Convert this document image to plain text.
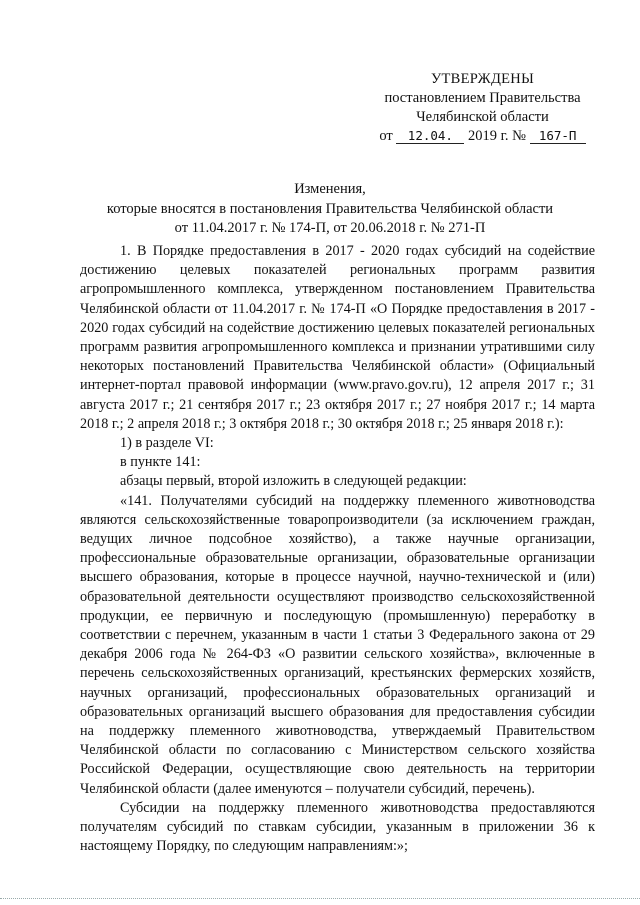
УТВЕРЖДЕНЫ
постановлением Правительства
Челябинской области
от 12.04. 2019 г. № 167-П
Изменения,
которые вносятся в постановления Правительства Челябинской области
от 11.04.2017 г. № 174-П, от 20.06.2018 г. № 271-П

1. В Порядке предоставления в 2017 - 2020 годах субсидий на содействие достижению целевых показателей региональных программ развития агропромышленного комплекса, утвержденном постановлением Правительства Челябинской области от 11.04.2017 г. № 174-П «О Порядке предоставления в 2017 - 2020 годах субсидий на содействие достижению целевых показателей региональных программ развития агропромышленного комплекса и признании утратившими силу некоторых постановлений Правительства Челябинской области» (Официальный интернет-портал правовой информации (www.pravo.gov.ru), 12 апреля 2017 г.; 31 августа 2017 г.; 21 сентября 2017 г.; 23 октября 2017 г.; 27 ноября 2017 г.; 14 марта 2018 г.; 2 апреля 2018 г.; 3 октября 2018 г.; 30 октября 2018 г.; 25 января 2018 г.):

1) в разделе VI:

в пункте 141:

абзацы первый, второй изложить в следующей редакции:

«141. Получателями субсидий на поддержку племенного животноводства являются сельскохозяйственные товаропроизводители (за исключением граждан, ведущих личное подсобное хозяйство), а также научные организации, профессиональные образовательные организации, образовательные организации высшего образования, которые в процессе научной, научно-технической и (или) образовательной деятельности осуществляют производство сельскохозяйственной продукции, ее первичную и последующую (промышленную) переработку в соответствии с перечнем, указанным в части 1 статьи 3 Федерального закона от 29 декабря 2006 года № 264-ФЗ «О развитии сельского хозяйства», включенные в перечень сельскохозяйственных организаций, крестьянских фермерских хозяйств, научных организаций, профессиональных образовательных организаций и образовательных организаций высшего образования для предоставления субсидии на поддержку племенного животноводства, утверждаемый Правительством Челябинской области по согласованию с Министерством сельского хозяйства Российской Федерации, осуществляющие свою деятельность на территории Челябинской области (далее именуются – получатели субсидий, перечень).

Субсидии на поддержку племенного животноводства предоставляются получателям субсидий по ставкам субсидии, указанным в приложении 36 к настоящему Порядку, по следующим направлениям:»;
